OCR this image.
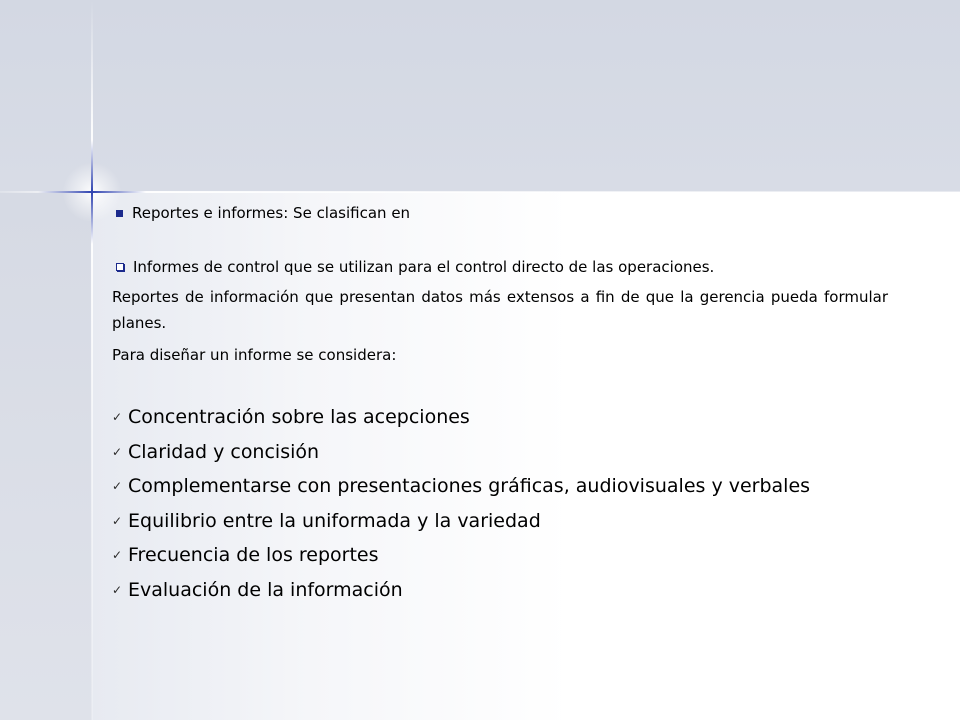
Reportes e informes: Se clasifican en
Informes de control que se utilizan para el control directo de las operaciones.
Reportes de información que presentan datos más extensos a fin de que la gerencia pueda formular planes.
Para diseñar un informe se considera:
✓ Concentración sobre las acepciones
✓ Claridad y concisión
✓ Complementarse con presentaciones gráficas, audiovisuales y verbales
✓ Equilibrio entre la uniformada y la variedad
✓ Frecuencia de los reportes
✓ Evaluación de la información
